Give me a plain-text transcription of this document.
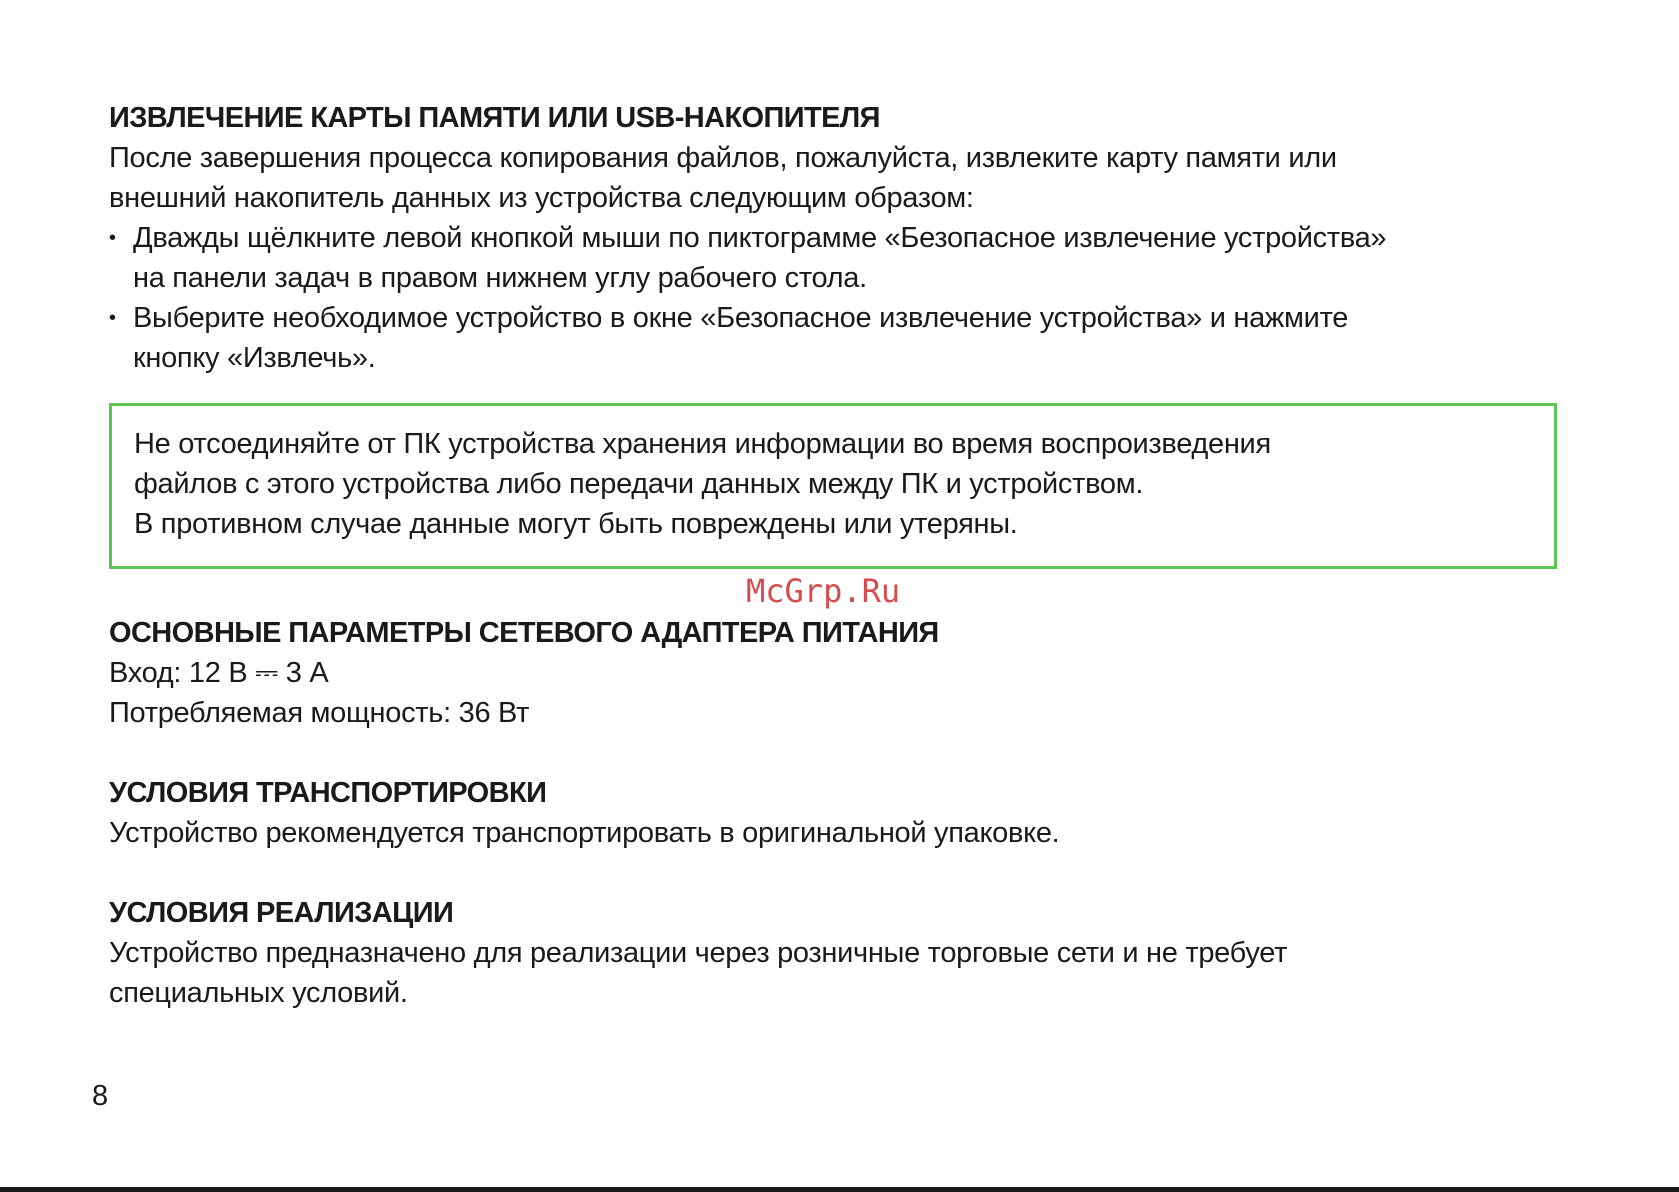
ИЗВЛЕЧЕНИЕ КАРТЫ ПАМЯТИ ИЛИ USB-НАКОПИТЕЛЯ

После завершения процесса копирования файлов, пожалуйста, извлеките карту памяти или

внешний накопитель данных из устройства следующим образом:

• Дважды щёлкните левой кнопкой мыши по пиктограмме «Безопасное извлечение устройства»
на панели задач в правом нижнем углу рабочего стола.
• Выберите необходимое устройство в окне «Безопасное извлечение устройства» и нажмите
кнопку «Извлечь».

Не отсоединяйте от ПК устройства хранения информации во время воспроизведения

файлов с этого устройства либо передачи данных между ПК и устройством.

В противном случае данные могут быть повреждены или утеряны.

ОСНОВНЫЕ ПАРАМЕТРЫ СЕТЕВОГО АДАПТЕРА ПИТАНИЯ

Вход: 12 В ⎓ 3 А

Потребляемая мощность: 36 Вт

УСЛОВИЯ ТРАНСПОРТИРОВКИ

Устройство рекомендуется транспортировать в оригинальной упаковке.

УСЛОВИЯ РЕАЛИЗАЦИИ

Устройство предназначено для реализации через розничные торговые сети и не требует

специальных условий.

McGrp.Ru
8
